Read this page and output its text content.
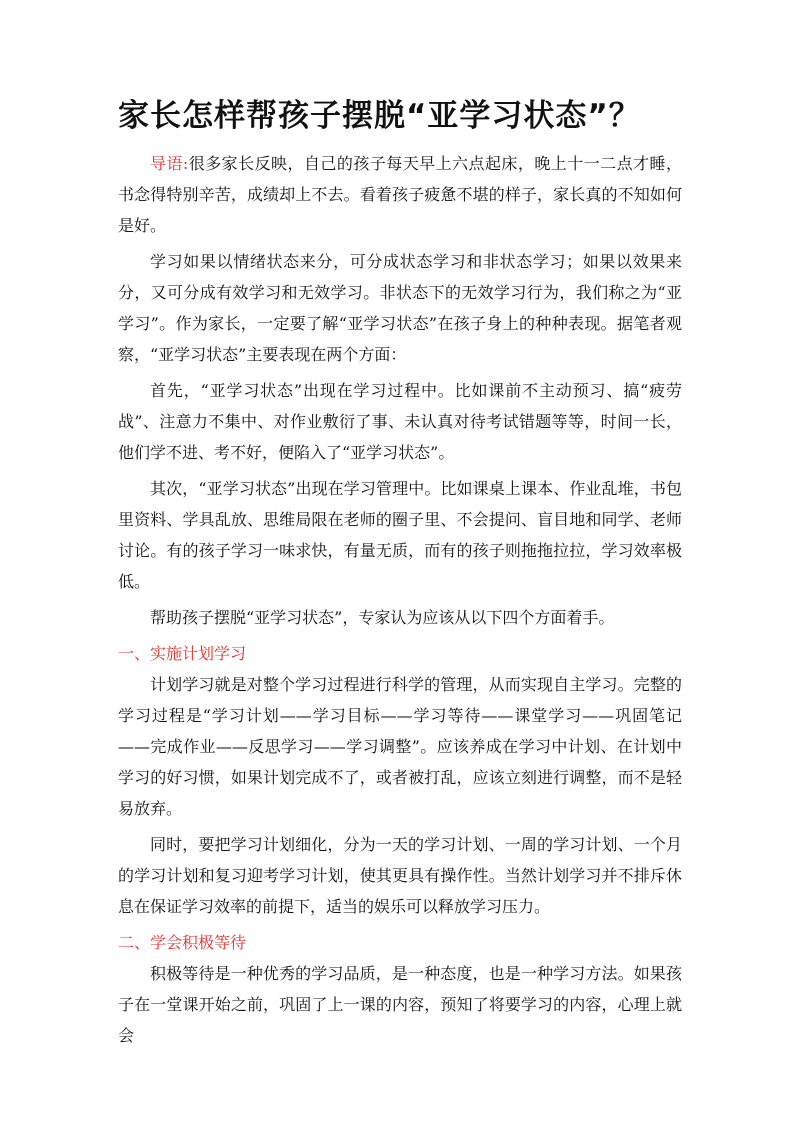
家长怎样帮孩子摆脱“亚学习状态”？

导语:很多家长反映，自己的孩子每天早上六点起床，晚上十一二点才睡，书念得特别辛苦，成绩却上不去。看着孩子疲惫不堪的样子，家长真的不知如何是好。

学习如果以情绪状态来分，可分成状态学习和非状态学习；如果以效果来分，又可分成有效学习和无效学习。非状态下的无效学习行为，我们称之为“亚学习”。作为家长，一定要了解“亚学习状态”在孩子身上的种种表现。据笔者观察，“亚学习状态”主要表现在两个方面：

首先，“亚学习状态”出现在学习过程中。比如课前不主动预习、搞“疲劳战”、注意力不集中、对作业敷衍了事、未认真对待考试错题等等，时间一长，他们学不进、考不好，便陷入了“亚学习状态”。

其次，“亚学习状态”出现在学习管理中。比如课桌上课本、作业乱堆，书包里资料、学具乱放、思维局限在老师的圈子里、不会提问、盲目地和同学、老师讨论。有的孩子学习一味求快，有量无质，而有的孩子则拖拖拉拉，学习效率极低。

帮助孩子摆脱“亚学习状态”，专家认为应该从以下四个方面着手。

一、实施计划学习

计划学习就是对整个学习过程进行科学的管理，从而实现自主学习。完整的学习过程是“学习计划——学习目标——学习等待——课堂学习——巩固笔记——完成作业——反思学习——学习调整”。应该养成在学习中计划、在计划中学习的好习惯，如果计划完成不了，或者被打乱，应该立刻进行调整，而不是轻易放弃。

同时，要把学习计划细化，分为一天的学习计划、一周的学习计划、一个月的学习计划和复习迎考学习计划，使其更具有操作性。当然计划学习并不排斥休息在保证学习效率的前提下，适当的娱乐可以释放学习压力。

二、学会积极等待

积极等待是一种优秀的学习品质，是一种态度，也是一种学习方法。如果孩子在一堂课开始之前，巩固了上一课的内容，预知了将要学习的内容，心理上就会
